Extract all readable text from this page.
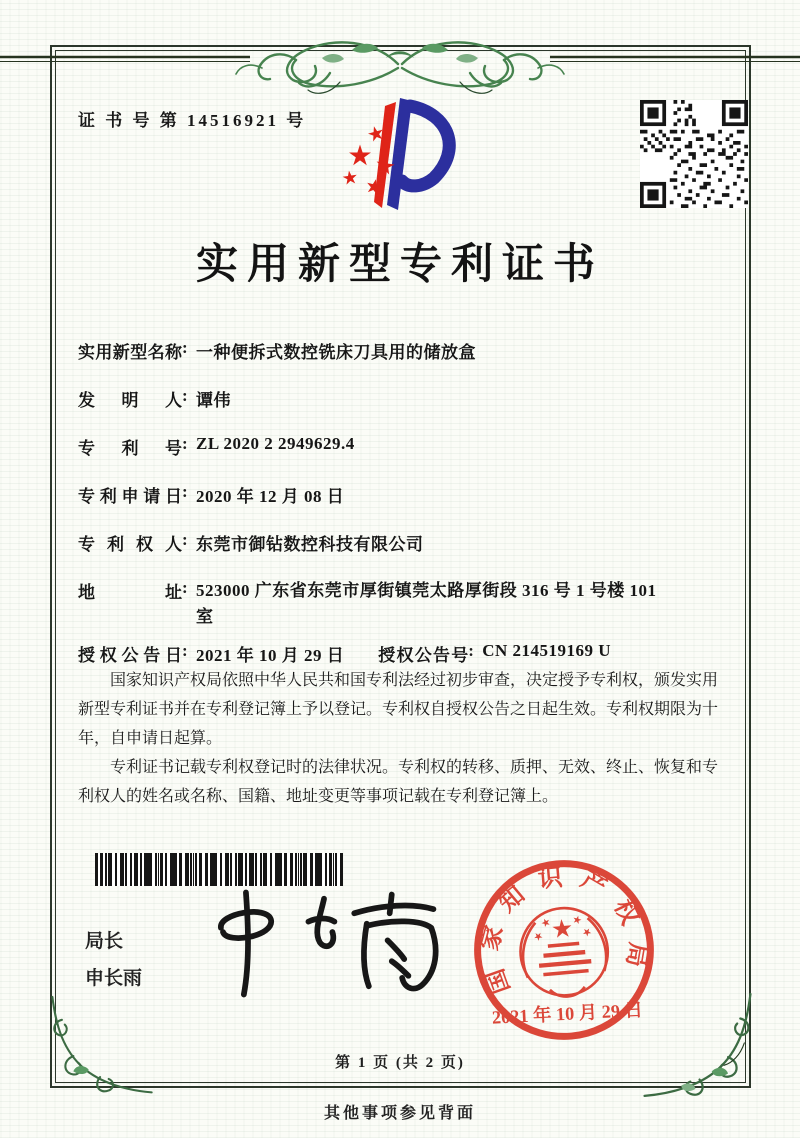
证 书 号 第 14516921 号
实用新型专利证书
实用新型名称 : 一种便拆式数控铣床刀具用的储放盒
发明人 : 谭伟
专利号 : ZL 2020 2 2949629.4
专利申请日 : 2020 年 12 月 08 日
专利权人 : 东莞市御钻数控科技有限公司
地址 : 523000 广东省东莞市厚街镇莞太路厚街段 316 号 1 号楼 101 室
授权公告日 : 2021 年 10 月 29 日 授权公告号 : CN 214519169 U

国家知识产权局依照中华人民共和国专利法经过初步审查，决定授予专利权，颁发实用新型专利证书并在专利登记簿上予以登记。专利权自授权公告之日起生效。专利权期限为十年，自申请日起算。

专利证书记载专利权登记时的法律状况。专利权的转移、质押、无效、终止、恢复和专利权人的姓名或名称、国籍、地址变更等事项记载在专利登记簿上。

局长
申长雨	国家知识产权局
2021 年 10 月 29 日
第 1 页 (共 2 页)
其他事项参见背面
